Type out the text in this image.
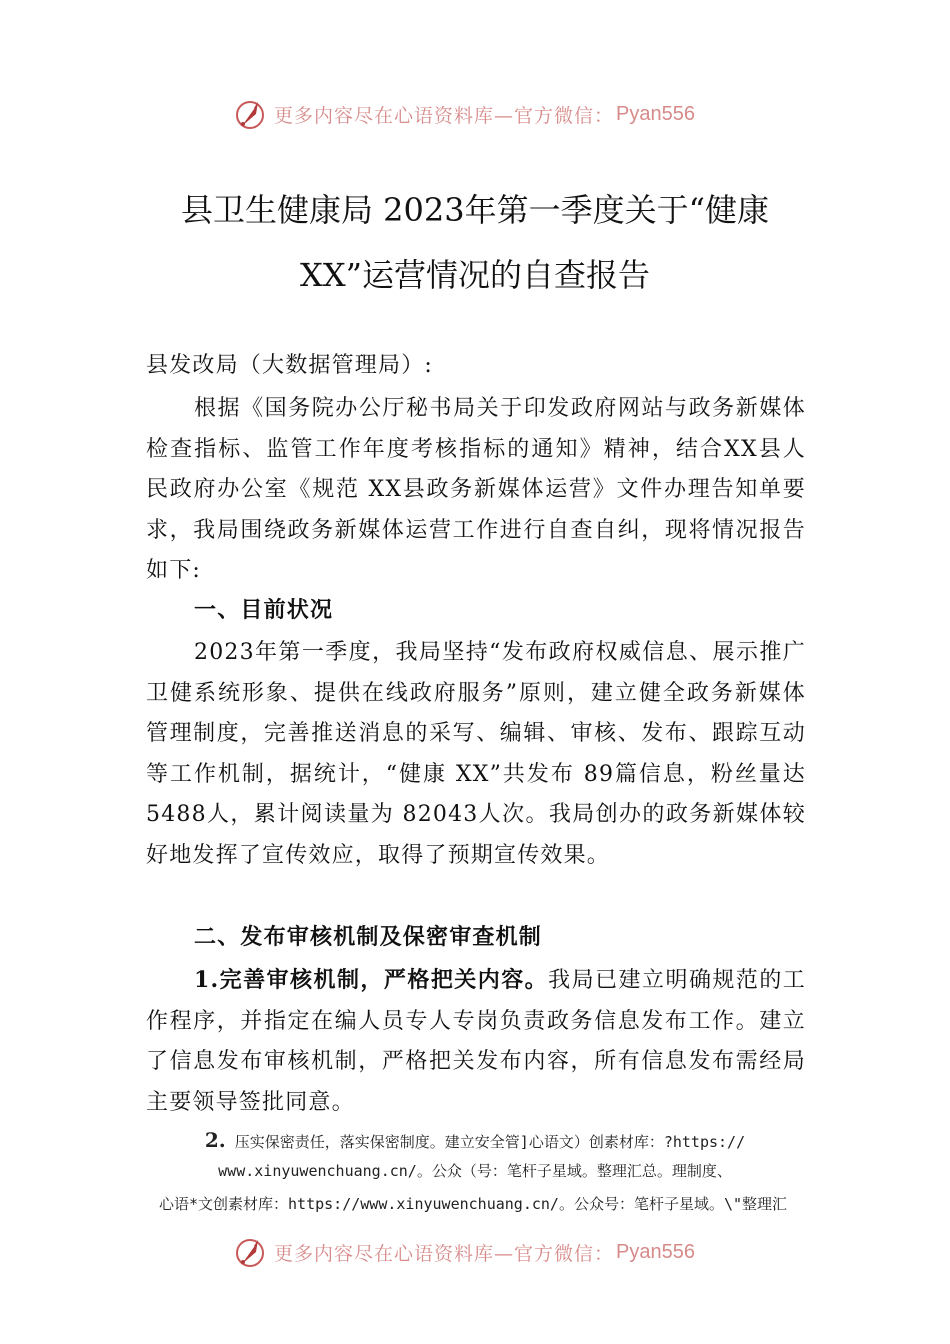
更多内容尽在心语资料库—官方微信： Pyan556
县卫生健康局 2023年第一季度关于“健康
XX”运营情况的自查报告
县发改局（大数据管理局）:
根据《国务院办公厅秘书局关于印发政府网站与政务新媒体检查指标、监管工作年度考核指标的通知》精神，结合XX县人民政府办公室《规范 XX县政务新媒体运营》文件办理告知单要求，我局围绕政务新媒体运营工作进行自查自纠，现将情况报告如下:
一、目前状况
2023年第一季度，我局坚持“发布政府权威信息、展示推广卫健系统形象、提供在线政府服务”原则，建立健全政务新媒体管理制度，完善推送消息的采写、编辑、审核、发布、跟踪互动等工作机制，据统计，“健康 XX”共发布 89篇信息，粉丝量达 5488人，累计阅读量为 82043人次。我局创办的政务新媒体较好地发挥了宣传效应，取得了预期宣传效果。
二、发布审核机制及保密审查机制
1.完善审核机制，严格把关内容。我局已建立明确规范的工作程序，并指定在编人员专人专岗负责政务信息发布工作。建立了信息发布审核机制，严格把关发布内容，所有信息发布需经局主要领导签批同意。
2. 压实保密责任，落实保密制度。建立安全管]心语文）创素材库：?https://
www.xinyuwenchuang.cn/。公众（号：笔杆子星域。整理汇总。理制度、
心语*文创素材库：https://www.xinyuwenchuang.cn/。公众号：笔杆子星域。\"整理汇
更多内容尽在心语资料库—官方微信： Pyan556
